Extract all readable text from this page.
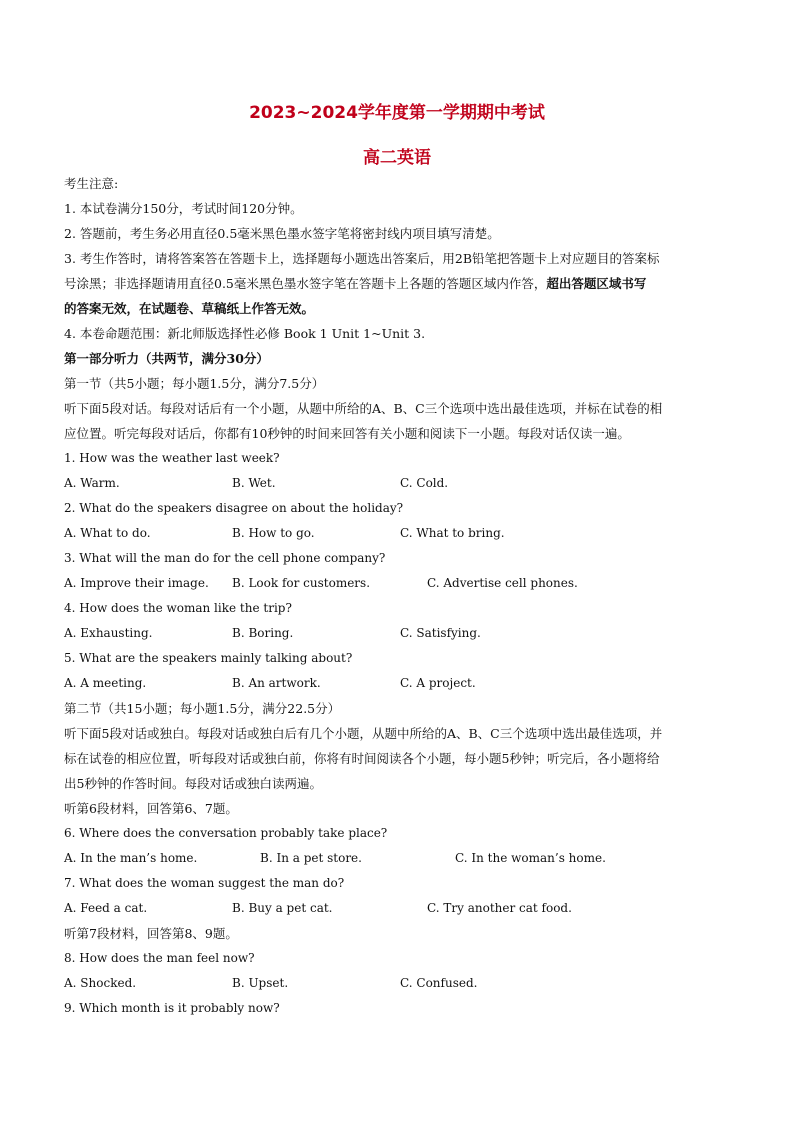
2023~2024学年度第一学期期中考试
高二英语
考生注意:
1. 本试卷满分150分，考试时间120分钟。
2. 答题前，考生务必用直径0.5毫米黑色墨水签字笔将密封线内项目填写清楚。
3. 考生作答时，请将答案答在答题卡上，选择题每小题选出答案后，用2B铅笔把答题卡上对应题目的答案标
号涂黑；非选择题请用直径0.5毫米黑色墨水签字笔在答题卡上各题的答题区域内作答，超出答题区域书写
的答案无效，在试题卷、草稿纸上作答无效。
4. 本卷命题范围：新北师版选择性必修 Book 1 Unit 1~Unit 3.
第一部分听力（共两节，满分30分）
第一节（共5小题；每小题1.5分，满分7.5分）
听下面5段对话。每段对话后有一个小题，从题中所给的A、B、C三个选项中选出最佳选项，并标在试卷的相
应位置。听完每段对话后，你都有10秒钟的时间来回答有关小题和阅读下一小题。每段对话仅读一遍。
1. How was the weather last week?
A. Warm.	B. Wet.	C. Cold.
2. What do the speakers disagree on about the holiday?
A. What to do.	B. How to go.	C. What to bring.
3. What will the man do for the cell phone company?
A. Improve their image. B. Look for customers.	C. Advertise cell phones.
4. How does the woman like the trip?
A. Exhausting.	B. Boring.	C. Satisfying.
5. What are the speakers mainly talking about?
A. A meeting.	B. An artwork.	C. A project.
第二节（共15小题；每小题1.5分，满分22.5分）
听下面5段对话或独白。每段对话或独白后有几个小题，从题中所给的A、B、C三个选项中选出最佳选项，并
标在试卷的相应位置，听每段对话或独白前，你将有时间阅读各个小题，每小题5秒钟；听完后，各小题将给
出5秒钟的作答时间。每段对话或独白读两遍。
听第6段材料，回答第6、7题。
6. Where does the conversation probably take place?
A. In the man’s home.	B. In a pet store.	C. In the woman’s home.
7. What does the woman suggest the man do?
A. Feed a cat.	B. Buy a pet cat.	C. Try another cat food.
听第7段材料，回答第8、9题。
8. How does the man feel now?
A. Shocked.	B. Upset.	C. Confused.
9. Which month is it probably now?
